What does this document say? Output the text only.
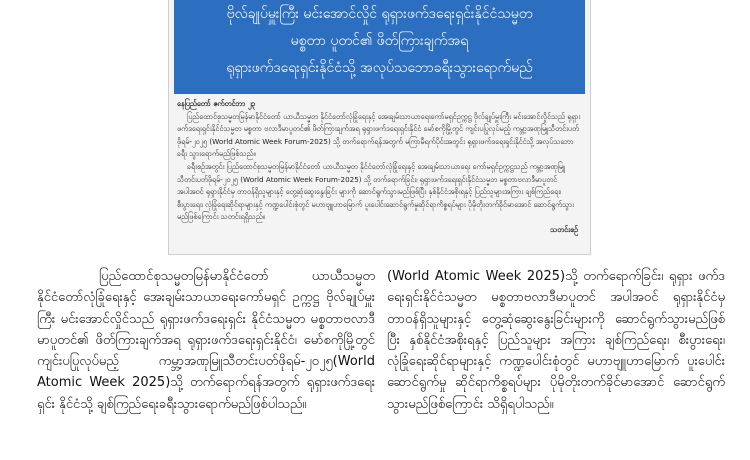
ဗိုလ်ချုပ်မှူးကြီး မင်းအောင်လှိုင် ရုရှားဖက်ဒရေးရှင်းနိုင်ငံသမ္မတ
မစ္စတာ ပူတင်၏ ဖိတ်ကြားချက်အရ
ရုရှားဖက်ဒရေးရှင်းနိုင်ငံသို့ အလုပ်သဘောခရီးသွားရောက်မည်
နေပြည်တော် ဇက်တင်ဘာ ၂၃

ပြည်ထောင်စုသမ္မတမြန်မာနိုင်ငံတော် ယာယီသမ္မတ နိုင်ငံတော်လုံခြုံရေးနှင့် အေးချမ်းသာယာရေးကော်မရှင်ဥက္ကဋ္ဌ ဗိုလ်ချုပ်မှူးကြီး မင်းအောင်လှိုင်သည် ရုရှားဖက်ဒရေးရှင်းနိုင်ငံသမ္မတ မစ္စတာ ဗလာဒီမာပူတင်၏ ဖိတ်ကြားချက်အရ ရုရှားဖက်ဒရေးရှင်းနိုင်ငံ မော်စကိုမြို့တွင် ကျင်းပပြုလုပ်မည့် ကမ္ဘာ့အဏုမြူသီတင်းပတ်ဖိုရမ်-၂၀၂၅ (World Atomic Week Forum-2025) သို့ တက်ရောက်ရန်အတွက် မကြာမီရက်ပိုင်းအတွင်း ရုရှားဖက်ဒရေးရှင်းနိုင်ငံသို့ အလုပ်သဘောခရီး သွားရောက်မည်ဖြစ်သည်။

ခရီးစဉ်အတွင်း ပြည်ထောင်စုသမ္မတမြန်မာနိုင်ငံတော် ယာယီသမ္မတ နိုင်ငံတော်လုံခြုံရေးနှင့် အေးချမ်းသာယာရေး ကော်မရှင်ဥက္ကဋ္ဌသည် ကမ္ဘာ့အဏုမြူသီတင်းပတ်ဖိုရမ်-၂၀၂၅ (World Atomic Week Forum-2025) သို့ တက်ရောက်ခြင်း၊ ရုရှားဖက်ဒရေးရှင်းနိုင်ငံသမ္မတ မစ္စတာဗလာဒီမာပူတင် အပါအဝင် ရုရှားနိုင်ငံမှ တာဝန်ရှိသူများနှင့် တွေ့ဆုံဆွေးနွေးခြင်း များကို ဆောင်ရွက်သွားမည်ဖြစ်ပြီး နှစ်နိုင်ငံအစိုးရနှင့် ပြည်သူများအကြား ချစ်ကြည်ရေး၊ စီးပွားရေး၊ လုံခြုံရေးဆိုင်ရာများနှင့် ကဏ္ဍပေါင်းစုံတွင် မဟာဗျူဟာမြောက် ပူးပေါင်းဆောင်ရွက်မှုဆိုင်ရာကိစ္စရပ်များ ပိုမိုတိုးတက်ခိုင်မာအောင် ဆောင်ရွက်သွားမည်ဖြစ်ကြောင်း သတင်းရရှိသည်။

သတင်းစဉ်

ပြည်ထောင်စုသမ္မတမြန်မာနိုင်ငံတော် ယာယီသမ္မတ နိုင်ငံတော်လုံခြုံရေးနှင့် အေးချမ်းသာယာရေးကော်မရှင် ဥက္ကဋ္ဌ ဗိုလ်ချုပ်မှူးကြီး မင်းအောင်လှိုင်သည် ရုရှားဖက်ဒရေးရှင်း နိုင်ငံသမ္မတ မစ္စတာဗလာဒီမာပူတင်၏ ဖိတ်ကြားချက်အရ ရုရှားဖက်ဒရေးရှင်းနိုင်ငံ၊ မော်စကိုမြို့တွင် ကျင်းပပြုလုပ်မည့် ကမ္ဘာ့အဏုမြူသီတင်းပတ်ဖိုရမ်-၂၀၂၅(World Atomic Week 2025)သို့ တက်ရောက်ရန်အတွက် ရုရှားဖက်ဒရေးရှင်း နိုင်ငံသို့ ချစ်ကြည်ရေးခရီးသွားရောက်မည်ဖြစ်ပါသည်။

(World Atomic Week 2025)သို့ တက်ရောက်ခြင်း၊ ရုရှား ဖက်ဒရေးရှင်းနိုင်ငံသမ္မတ မစ္စတာဗလာဒီမာပူတင် အပါအဝင် ရုရှားနိုင်ငံမှ တာဝန်ရှိသူများနှင့် တွေ့ဆုံဆွေးနွေးခြင်းများကို ဆောင်ရွက်သွားမည်ဖြစ်ပြီး နှစ်နိုင်ငံအစိုးရနှင့် ပြည်သူများ အကြား ချစ်ကြည်ရေး၊ စီးပွားရေး၊ လုံခြုံရေးဆိုင်ရာများနှင့် ကဏ္ဍပေါင်းစုံတွင် မဟာဗျူဟာမြောက် ပူးပေါင်းဆောင်ရွက်မှု ဆိုင်ရာကိစ္စရပ်များ ပိုမိုတိုးတက်ခိုင်မာအောင် ဆောင်ရွက် သွားမည်ဖြစ်ကြောင်း သိရှိရပါသည်။
